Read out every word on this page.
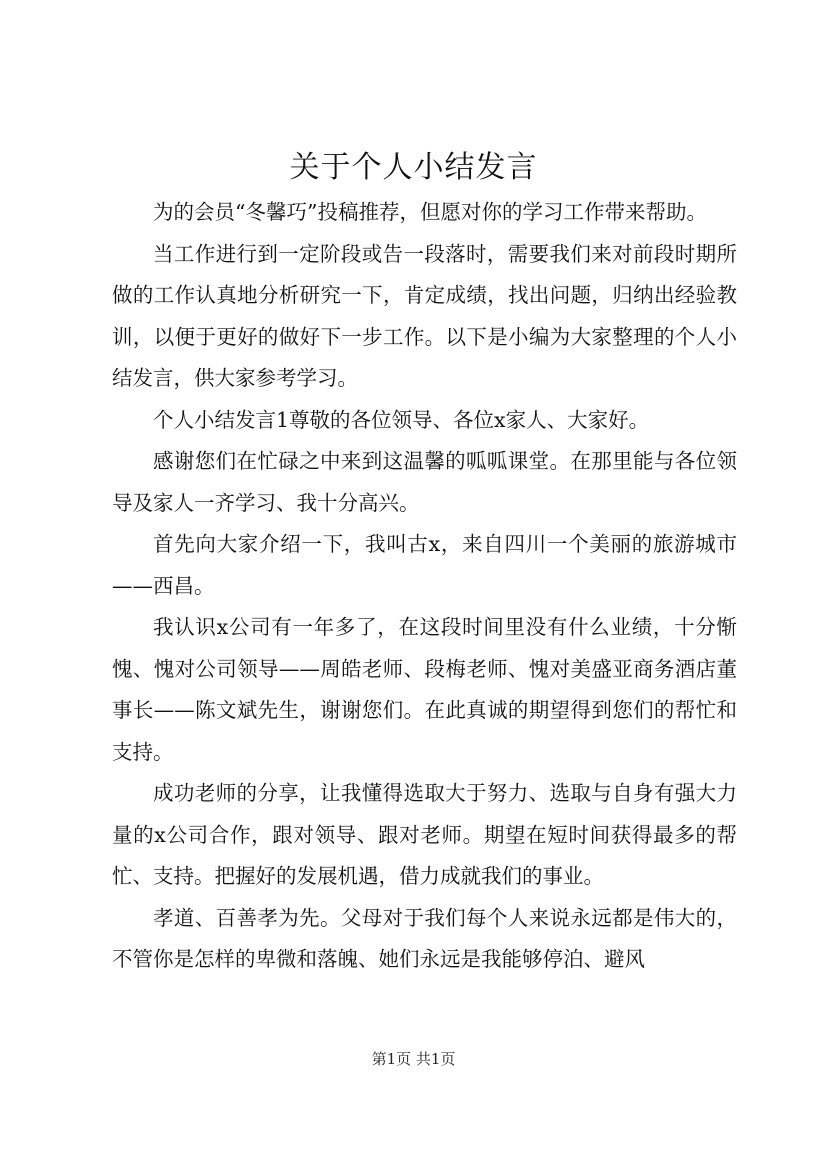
关于个人小结发言

为的会员“冬馨巧”投稿推荐，但愿对你的学习工作带来帮助。

当工作进行到一定阶段或告一段落时，需要我们来对前段时期所做的工作认真地分析研究一下，肯定成绩，找出问题，归纳出经验教训，以便于更好的做好下一步工作。以下是小编为大家整理的个人小结发言，供大家参考学习。

个人小结发言1尊敬的各位领导、各位x家人、大家好。

感谢您们在忙碌之中来到这温馨的呱呱课堂。在那里能与各位领导及家人一齐学习、我十分高兴。

首先向大家介绍一下，我叫古x，来自四川一个美丽的旅游城市——西昌。

我认识x公司有一年多了，在这段时间里没有什么业绩，十分惭愧、愧对公司领导——周皓老师、段梅老师、愧对美盛亚商务酒店董事长——陈文斌先生，谢谢您们。在此真诚的期望得到您们的帮忙和支持。

成功老师的分享，让我懂得选取大于努力、选取与自身有强大力量的x公司合作，跟对领导、跟对老师。期望在短时间获得最多的帮忙、支持。把握好的发展机遇，借力成就我们的事业。

孝道、百善孝为先。父母对于我们每个人来说永远都是伟大的，不管你是怎样的卑微和落魄、她们永远是我能够停泊、避风

第1页 共1页
